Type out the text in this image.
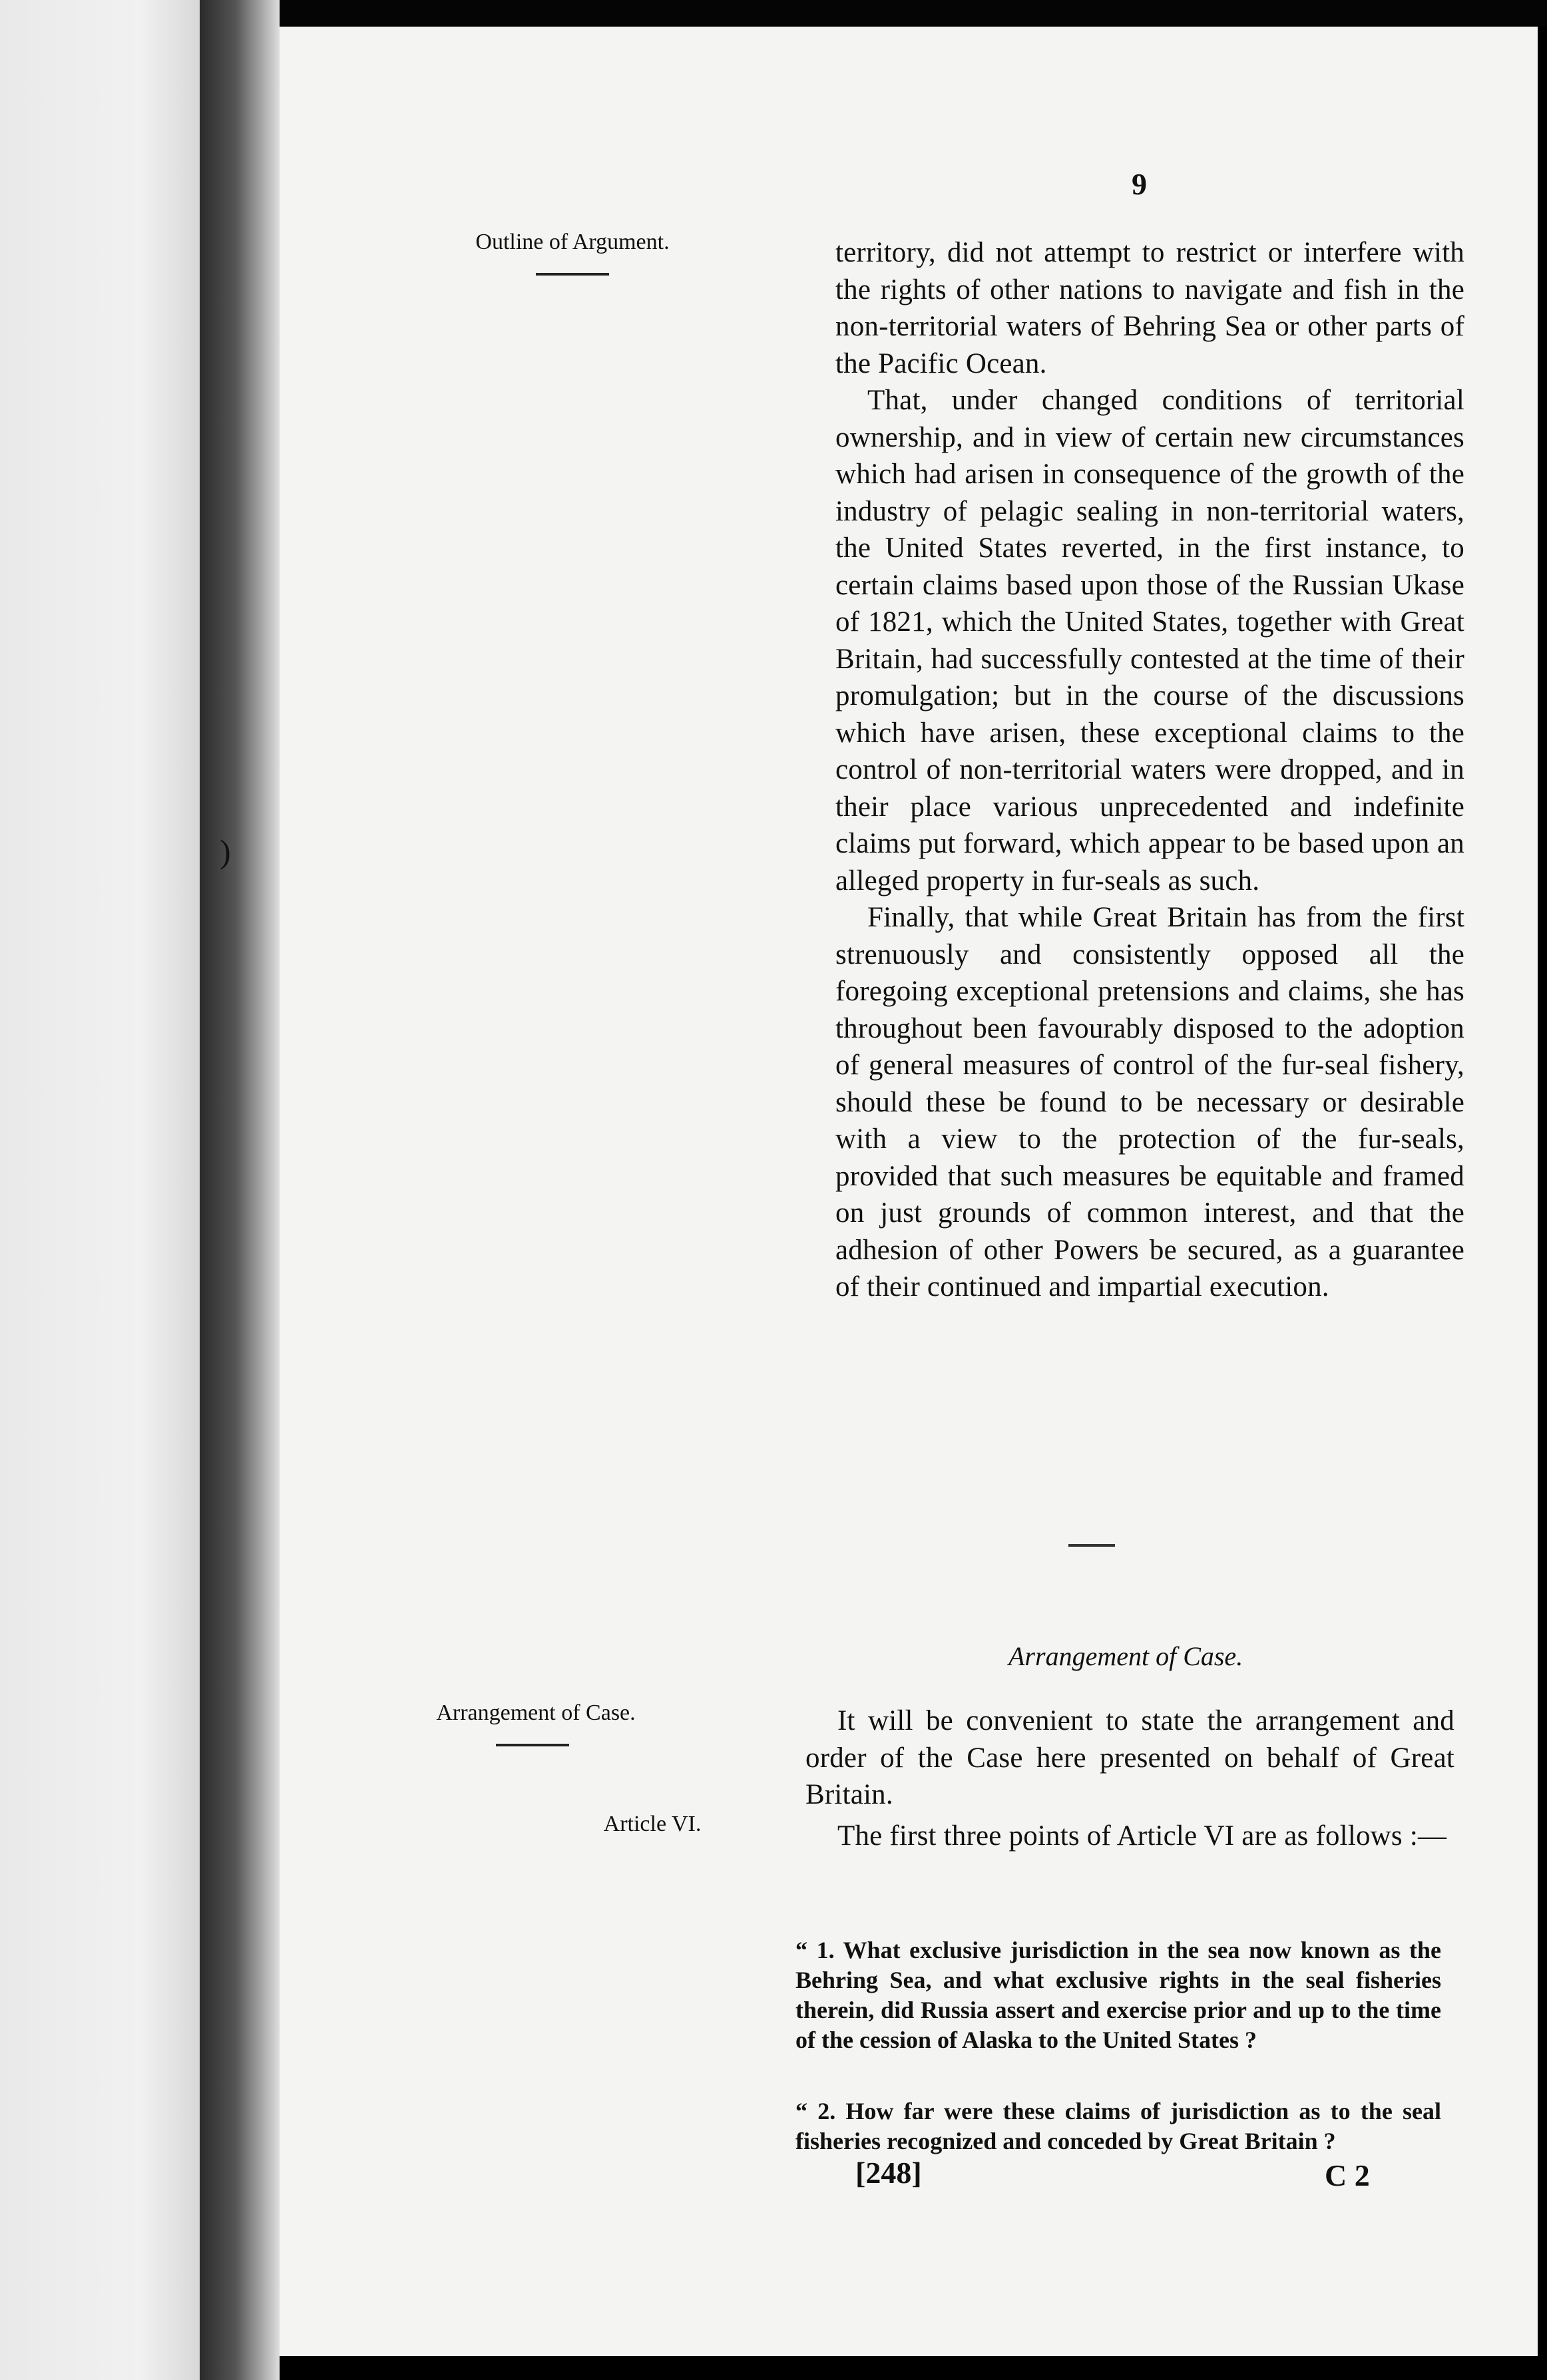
)
9
Outline of Argument.	territory, did not attempt to restrict or interfere with the rights of other nations to navigate and fish in the non-territorial waters of Behring Sea or other parts of the Pacific Ocean.

That, under changed conditions of territorial ownership, and in view of certain new circumstances which had arisen in consequence of the growth of the industry of pelagic sealing in non-territorial waters, the United States reverted, in the first instance, to certain claims based upon those of the Russian Ukase of 1821, which the United States, together with Great Britain, had successfully contested at the time of their promulgation; but in the course of the discussions which have arisen, these exceptional claims to the control of non-territorial waters were dropped, and in their place various unprecedented and indefinite claims put forward, which appear to be based upon an alleged property in fur-seals as such.

Finally, that while Great Britain has from the first strenuously and consistently opposed all the foregoing exceptional pretensions and claims, she has throughout been favourably disposed to the adoption of general measures of control of the fur-seal fishery, should these be found to be necessary or desirable with a view to the protection of the fur-seals, provided that such measures be equitable and framed on just grounds of common interest, and that the adhesion of other Powers be secured, as a guarantee of their continued and impartial execution.

Arrangement of Case.
Arrangement of Case.
Article VI.

It will be convenient to state the arrangement and order of the Case here presented on behalf of Great Britain.

The first three points of Article VI are as follows :—

“ 1. What exclusive jurisdiction in the sea now known as the Behring Sea, and what exclusive rights in the seal fisheries therein, did Russia assert and exercise prior and up to the time of the cession of Alaska to the United States ?
“ 2. How far were these claims of jurisdiction as to the seal fisheries recognized and conceded by Great Britain ?
[248]	C 2
